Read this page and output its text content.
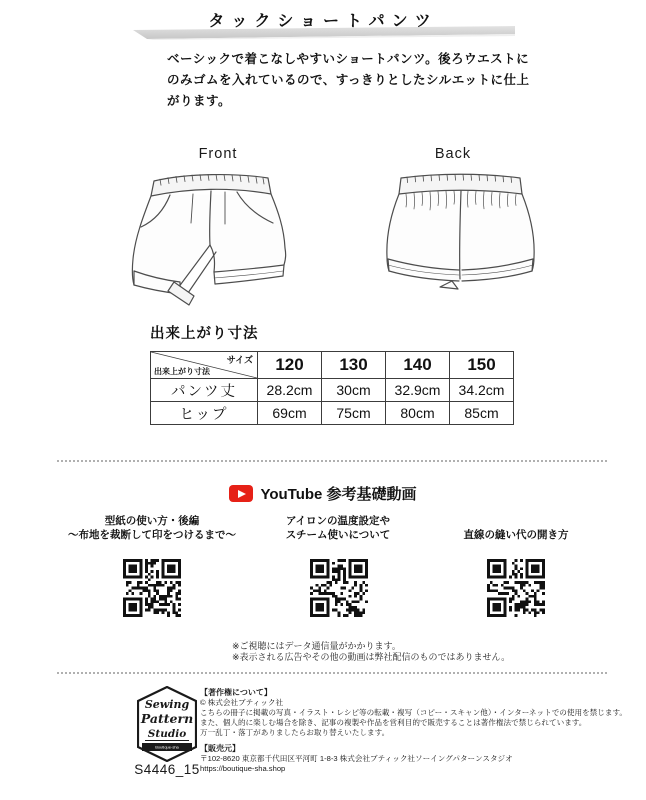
タックショートパンツ
ベーシックで着こなしやすいショートパンツ。後ろウエストに
のみゴムを入れているので、すっきりとしたシルエットに仕上
がります。
Front	Back
出来上がり寸法
サイズ
出来上がり寸法	120	130	140	150
パンツ丈	28.2cm	30cm	32.9cm	34.2cm
ヒップ	69cm	75cm	80cm	85cm
YouTube 参考基礎動画
型紙の使い方・後編
～布地を裁断して印をつけるまで～
アイロンの温度設定や
スチーム使いについて	直線の縫い代の開き方
※ご視聴にはデータ通信量がかかります。
※表示される広告やその他の動画は弊社配信のものではありません。
Sewing
Pattern
Studio
Boutique-sha
S4446_15
【著作権について】
© 株式会社ブティック社
こちらの冊子に掲載の写真・イラスト・レシピ等の転載・複写（コピー・スキャン他）・インターネットでの使用を禁じます。
また、個人的に楽しむ場合を除き、記事の複製や作品を営利目的で販売することは著作権法で禁じられています。
万一乱丁・落丁がありましたらお取り替えいたします。
【販売元】
〒102-8620 東京都千代田区平河町 1-8-3 株式会社ブティック社ソーイングパターンスタジオ
https://boutique-sha.shop
